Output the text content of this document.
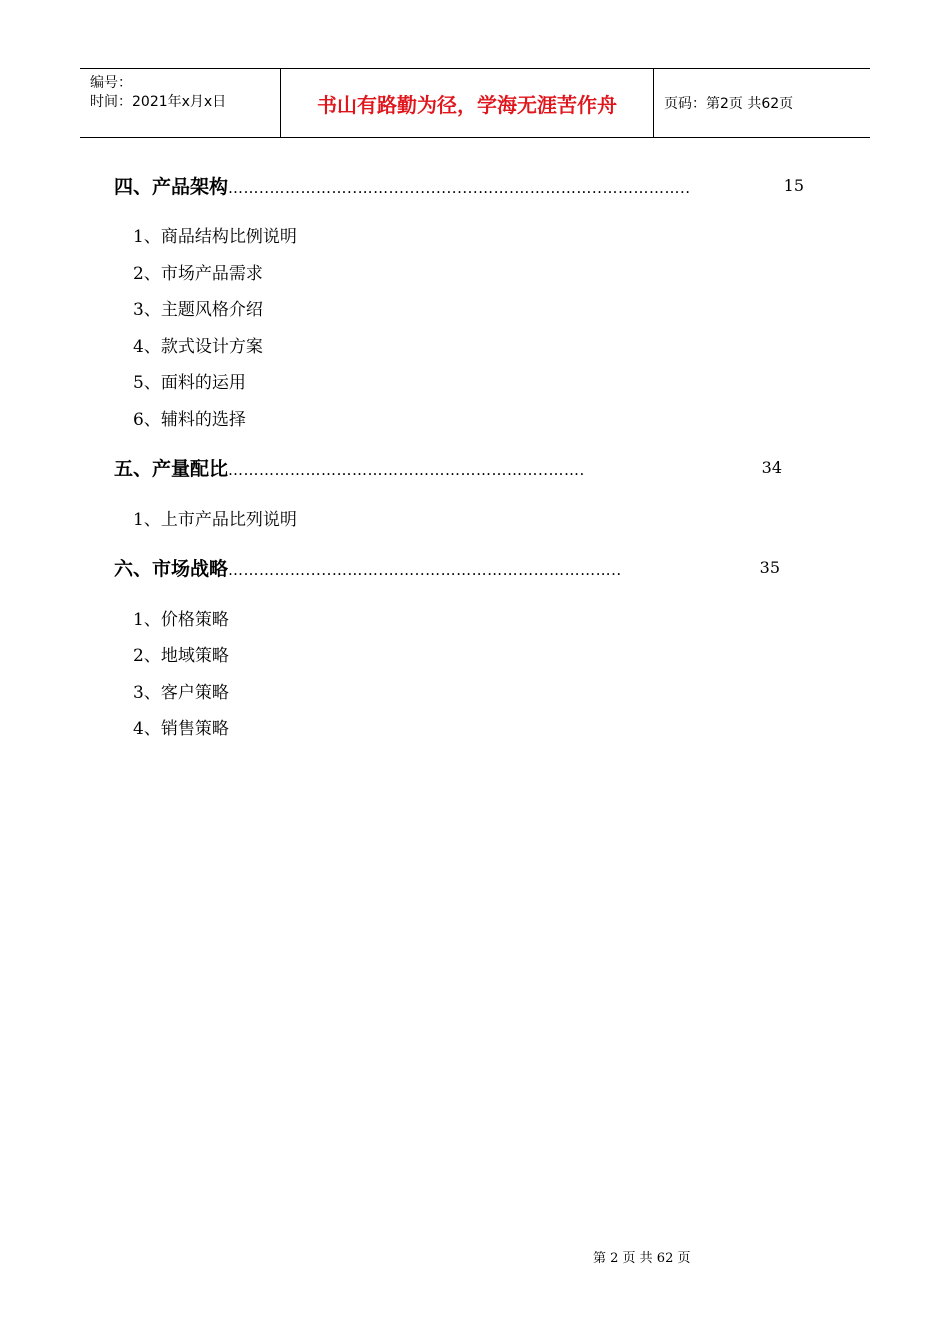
编号：
时间：2021年x月x日	书山有路勤为径，学海无涯苦作舟	页码：第2页 共62页
四、产品架构……..……………..…….................…….……………..……………..	15
1、商品结构比例说明
2、市场产品需求
3、主题风格介绍
4、款式设计方案
5、面料的运用
6、辅料的选择
五、产量配比……………………………………………………..…….	34
1、上市产品比列说明
六、市场战略…………….....……….……..………………………………..	35
1、价格策略
2、地域策略
3、客户策略
4、销售策略
第 2 页 共 62 页
